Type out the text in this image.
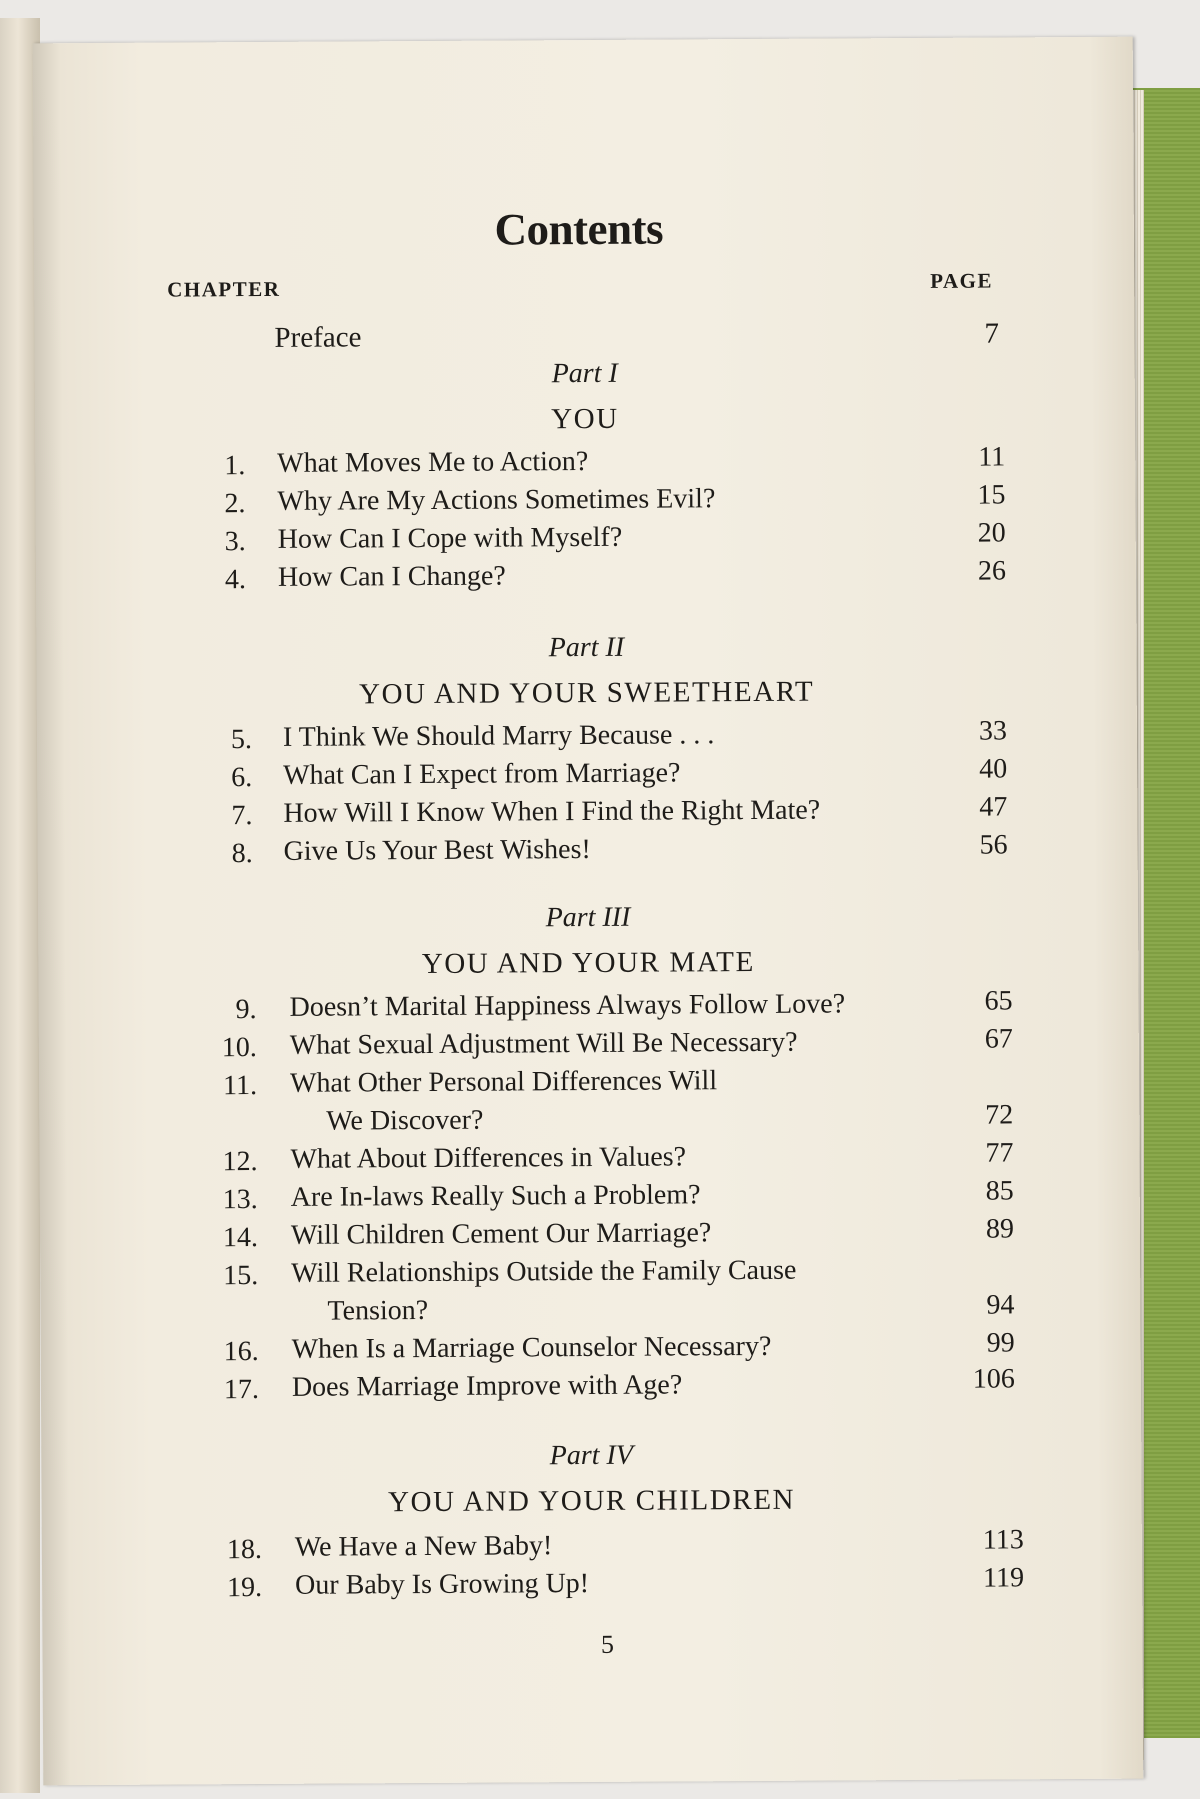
Contents
CHAPTER	PAGE
Preface	7
Part I
YOU
1. What Moves Me to Action?	11
2. Why Are My Actions Sometimes Evil?	15
3. How Can I Cope with Myself?	20
4. How Can I Change?	26
Part II
YOU AND YOUR SWEETHEART
5. I Think We Should Marry Because . . .	33
6. What Can I Expect from Marriage?	40
7. How Will I Know When I Find the Right Mate?	47
8. Give Us Your Best Wishes!	56
Part III
YOU AND YOUR MATE
9. Doesn’t Marital Happiness Always Follow Love?	65
10. What Sexual Adjustment Will Be Necessary?	67
11. What Other Personal Differences Will
We Discover?	72
12. What About Differences in Values?	77
13. Are In-laws Really Such a Problem?	85
14. Will Children Cement Our Marriage?	89
15. Will Relationships Outside the Family Cause
Tension?	94
16. When Is a Marriage Counselor Necessary?	99
17. Does Marriage Improve with Age?	106
Part IV
YOU AND YOUR CHILDREN
18. We Have a New Baby!	113
19. Our Baby Is Growing Up!	119
5
